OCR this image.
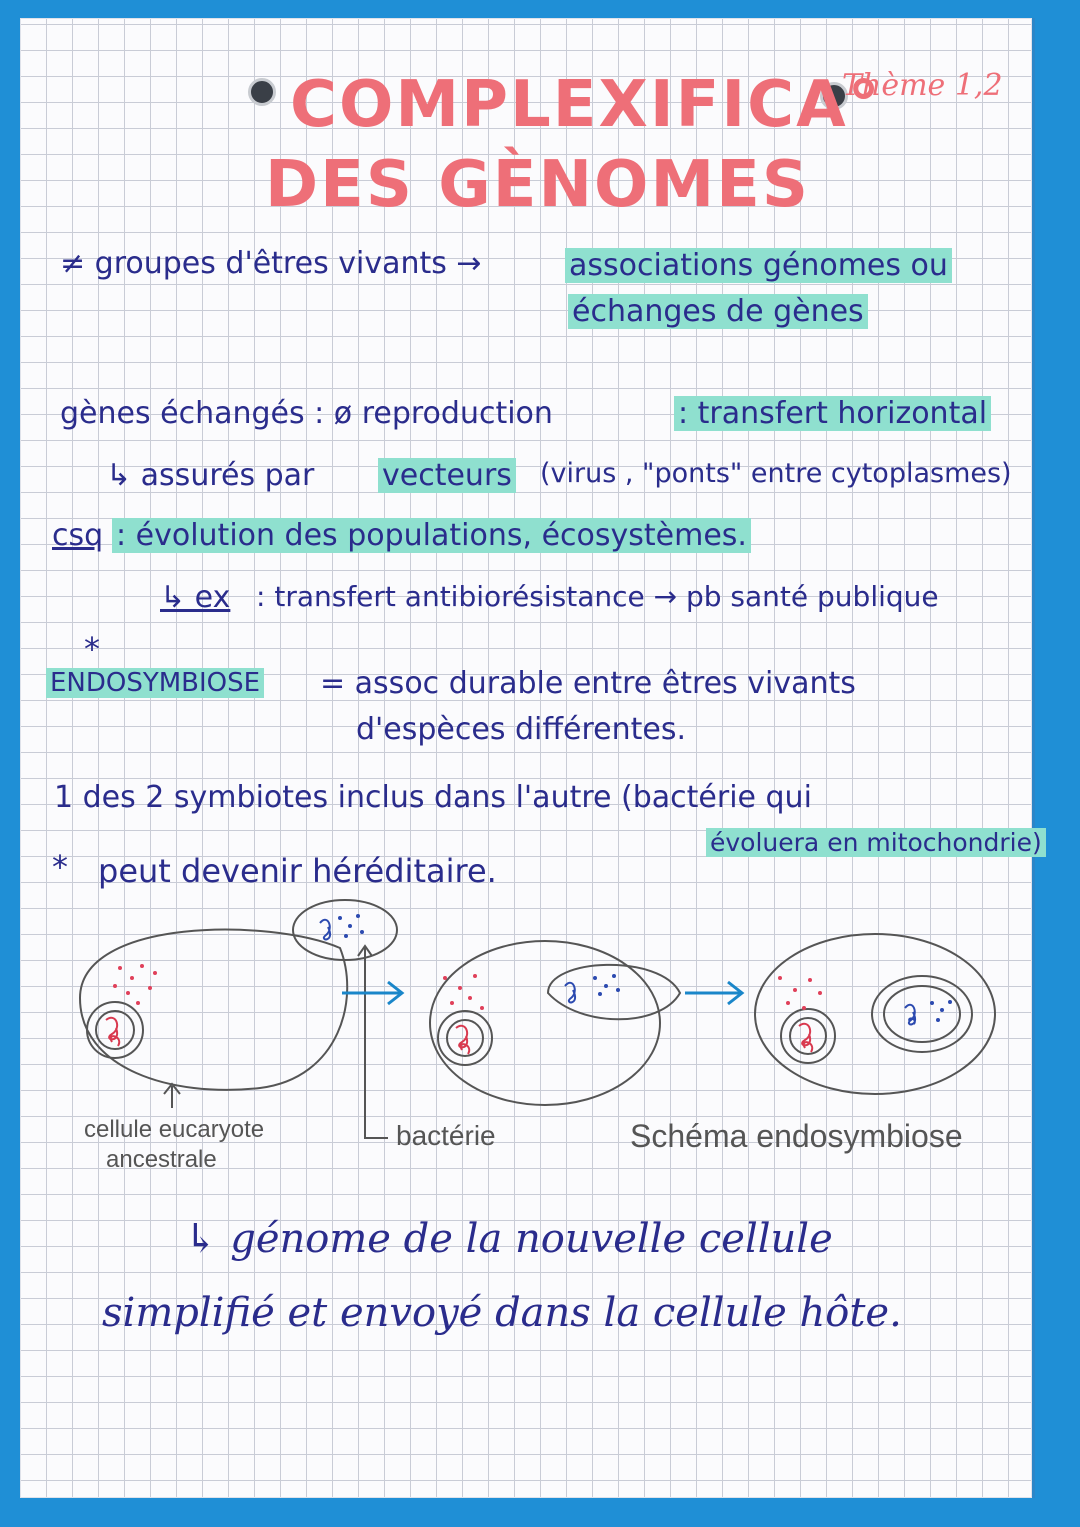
COMPLEXIFICA°
DES GÈNOMES
Thème 1,2
≠ groupes d'êtres vivants →	associations génomes ou
échanges de gènes
gènes échangés : ø reproduction	: transfert horizontal
↳ assurés par vecteurs (virus , "ponts" entre cytoplasmes)
csq : évolution des populations, écosystèmes.
↳ ex : transfert antibiorésistance → pb santé publique
*
ENDOSYMBIOSE = assoc durable entre êtres vivants
d'espèces différentes.
1 des 2 symbiotes inclus dans l'autre (bactérie qui
évoluera en mitochondrie)
* peut devenir héréditaire.
cellule eucaryote
ancestrale
bactérie	Schéma endosymbiose
↳ génome de la nouvelle cellule
simplifié et envoyé dans la cellule hôte.
